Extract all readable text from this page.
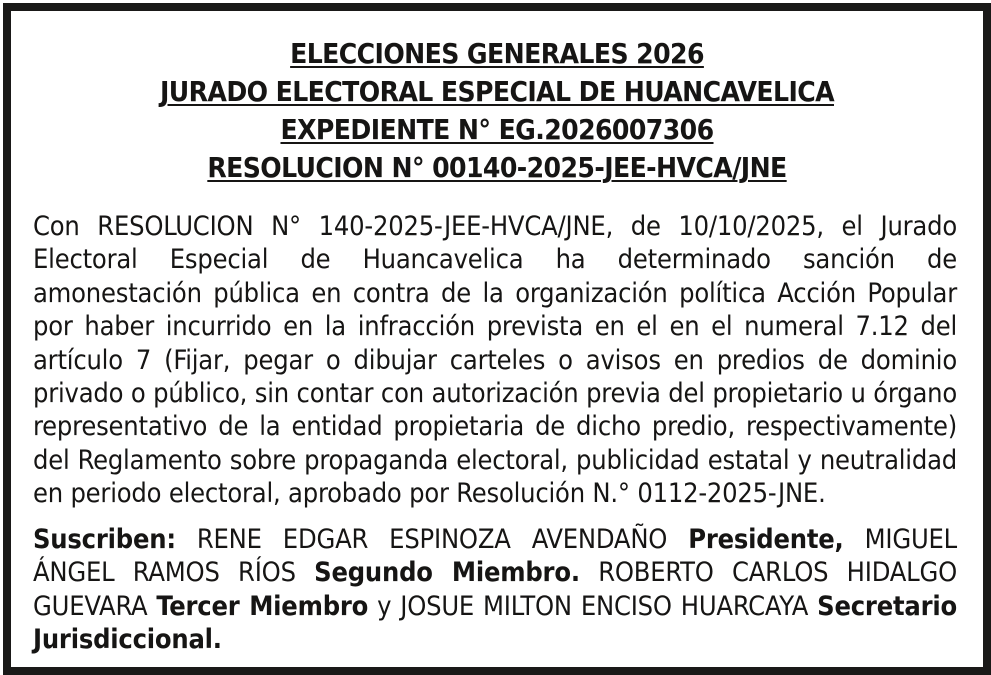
ELECCIONES GENERALES 2026
JURADO ELECTORAL ESPECIAL DE HUANCAVELICA
EXPEDIENTE N° EG.2026007306
RESOLUCION N° 00140-2025-JEE-HVCA/JNE
Con RESOLUCION N° 140-2025-JEE-HVCA/JNE, de 10/10/2025, el Jurado Electoral Especial de Huancavelica ha determinado sanción de amonestación pública en contra de la organización política Acción Popular por haber incurrido en la infracción prevista en el en el numeral 7.12 del artículo 7 (Fijar, pegar o dibujar carteles o avisos en predios de dominio privado o público, sin contar con autorización previa del propietario u órgano representativo de la entidad propietaria de dicho predio, respectivamente) del Reglamento sobre propaganda electoral, publicidad estatal y neutralidad en periodo electoral, aprobado por Resolución N.° 0112-2025-JNE.
Suscriben: RENE EDGAR ESPINOZA AVENDAÑO Presidente, MIGUEL ÁNGEL RAMOS RÍOS Segundo Miembro. ROBERTO CARLOS HIDALGO GUEVARA Tercer Miembro y JOSUE MILTON ENCISO HUARCAYA Secretario Jurisdiccional.
